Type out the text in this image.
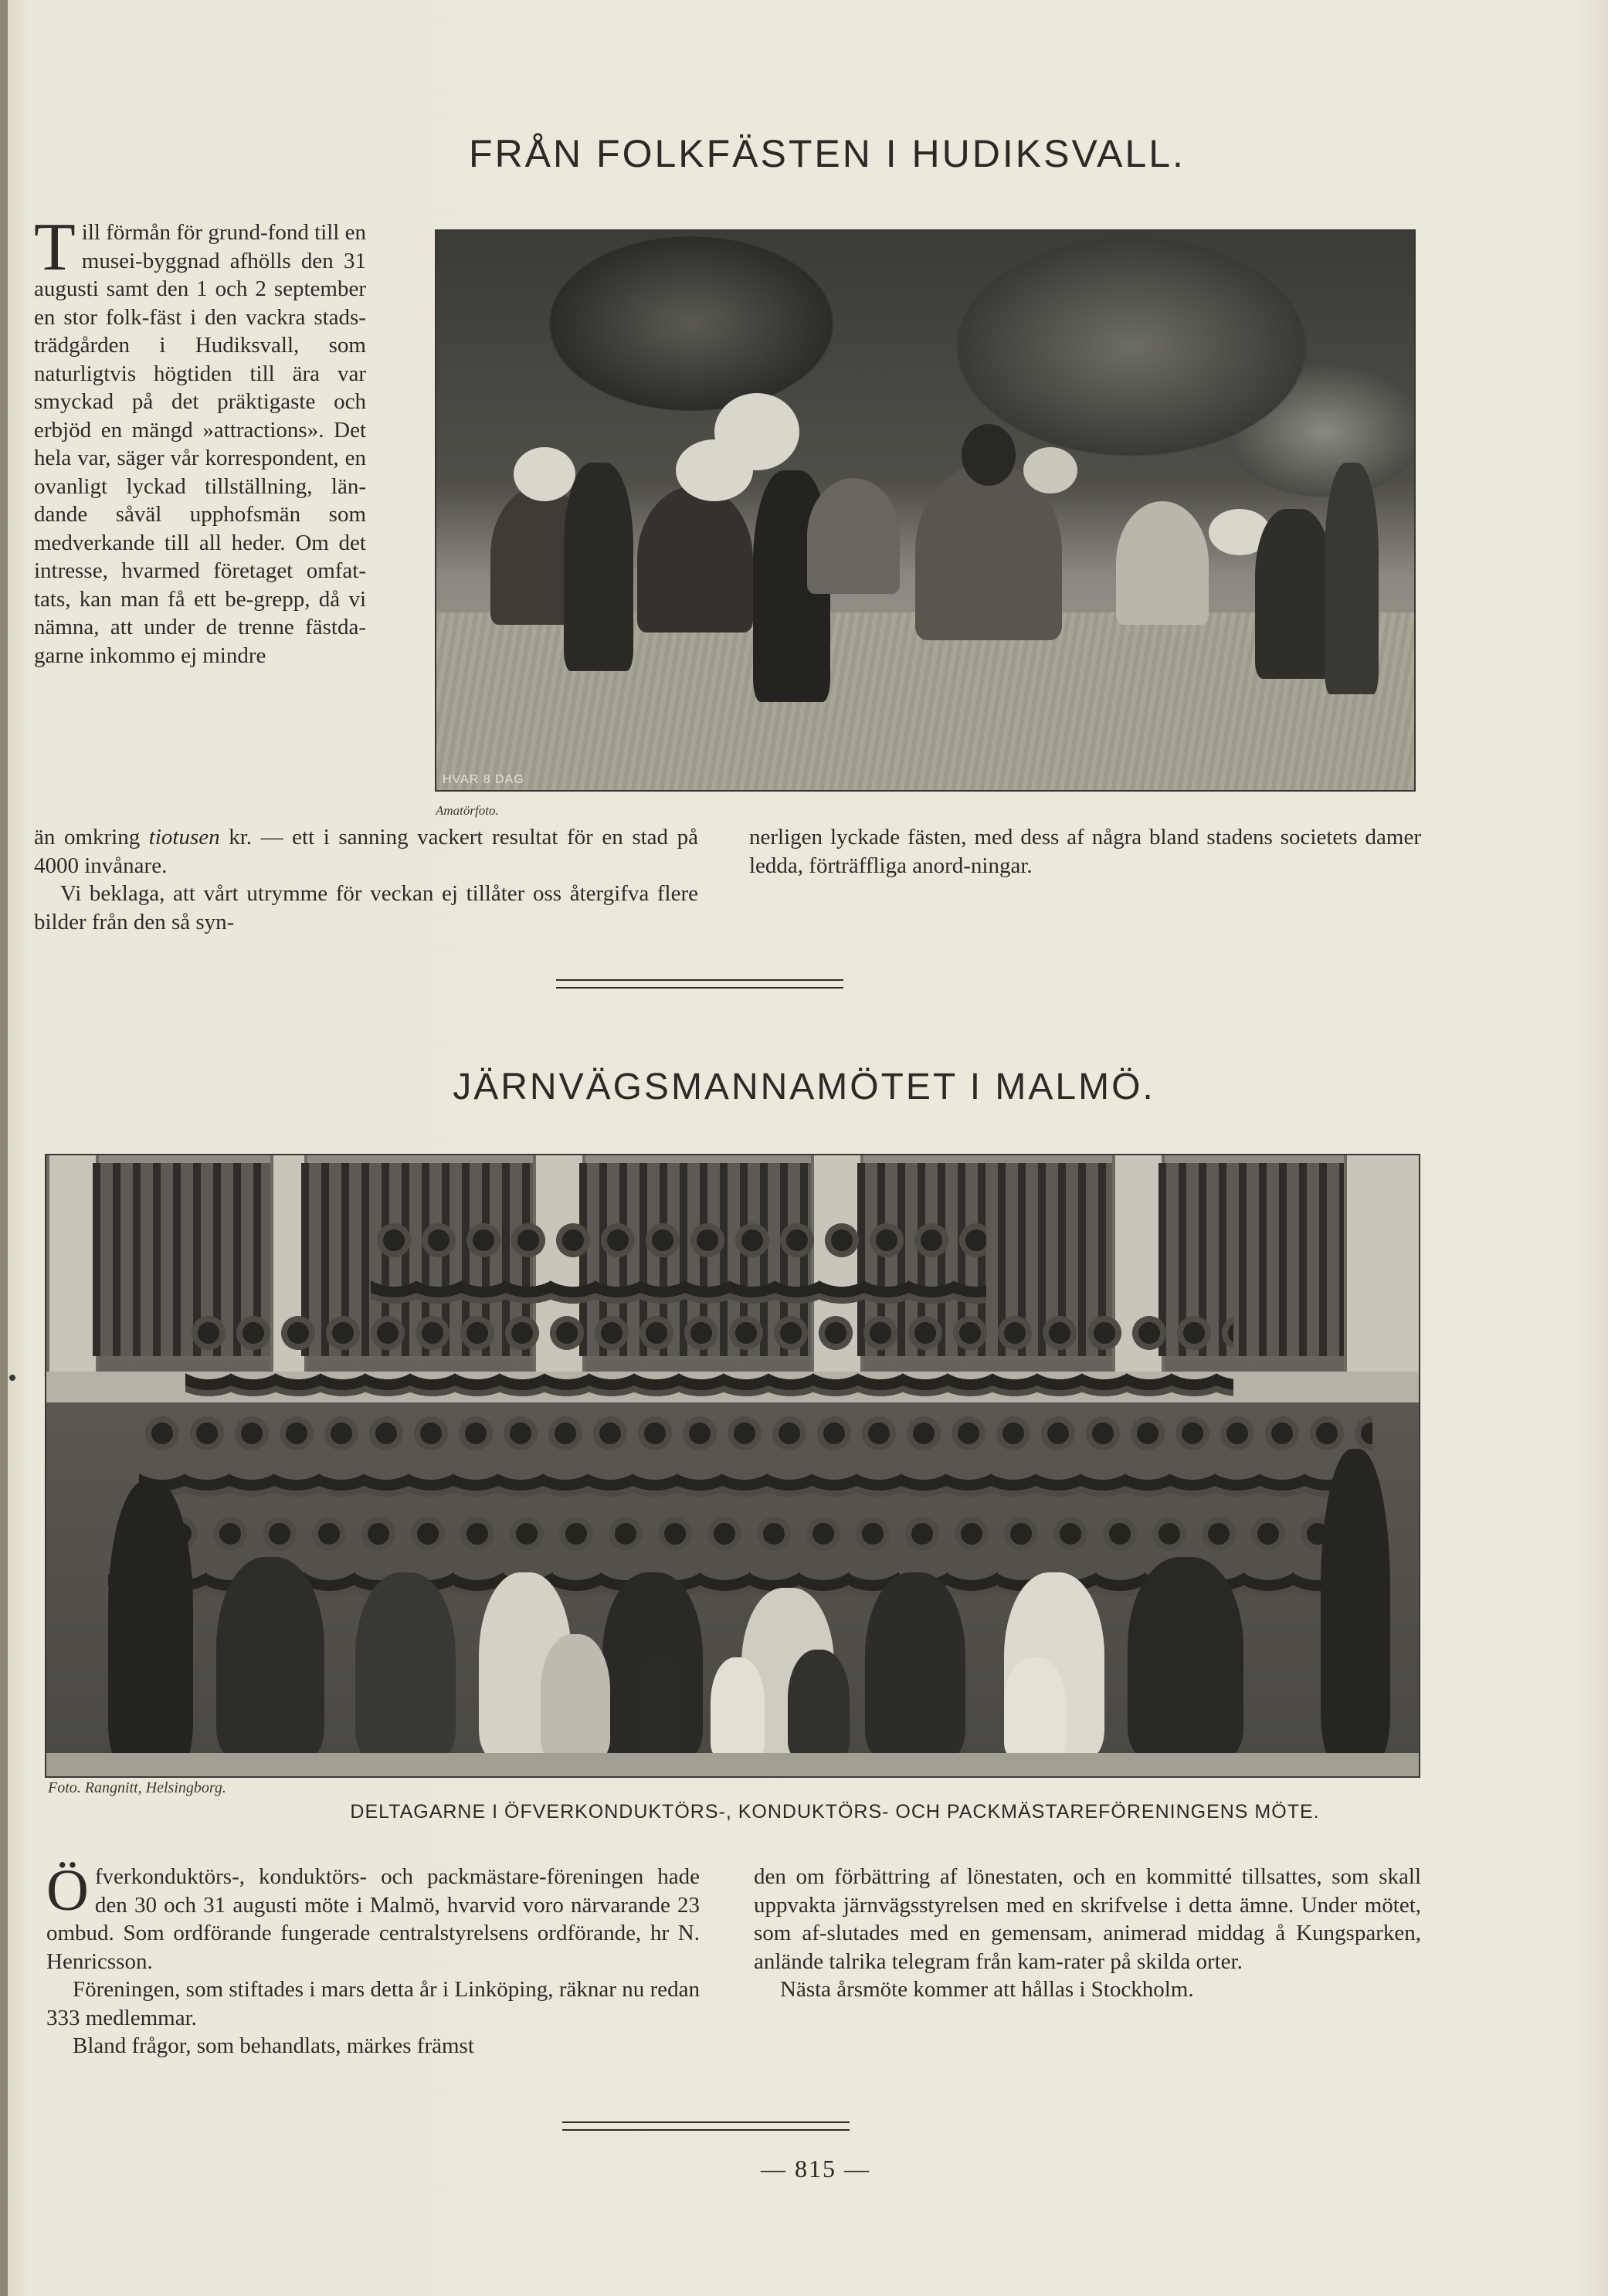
FRÅN FOLKFÄSTEN I HUDIKSVALL.

Till förmån för grund-fond till en musei-byggnad afhölls den 31 augusti samt den 1 och 2 september en stor folk-fäst i den vackra stads-trädgården i Hudiksvall, som naturligtvis högtiden till ära var smyckad på det präktigaste och erbjöd en mängd »attractions». Det hela var, säger vår korrespondent, en ovanligt lyckad tillställning, län-dande såväl upphofsmän som medverkande till all heder. Om det intresse, hvarmed företaget omfat-tats, kan man få ett be-grepp, då vi nämna, att under de trenne fästda-garne inkommo ej mindre

HVAR 8 DAG
Amatörfoto.

än omkring tiotusen kr. — ett i sanning vackert resultat för en stad på 4000 invånare.

Vi beklaga, att vårt utrymme för veckan ej tillåter oss återgifva flere bilder från den så syn-

nerligen lyckade fästen, med dess af några bland stadens societets damer ledda, förträffliga anord-ningar.

JÄRNVÄGSMANNAMÖTET I MALMÖ.
Foto. Rangnitt, Helsingborg.
DELTAGARNE I ÖFVERKONDUKTÖRS-, KONDUKTÖRS- OCH PACKMÄSTAREFÖRENINGENS MÖTE.

Öfverkonduktörs-, konduktörs- och packmästare-föreningen hade den 30 och 31 augusti möte i Malmö, hvarvid voro närvarande 23 ombud. Som ordförande fungerade centralstyrelsens ordförande, hr N. Henricsson.

Föreningen, som stiftades i mars detta år i Linköping, räknar nu redan 333 medlemmar.

Bland frågor, som behandlats, märkes främst

den om förbättring af lönestaten, och en kommitté tillsattes, som skall uppvakta järnvägsstyrelsen med en skrifvelse i detta ämne. Under mötet, som af-slutades med en gemensam, animerad middag å Kungsparken, anlände talrika telegram från kam-rater på skilda orter.

Nästa årsmöte kommer att hållas i Stockholm.

— 815 —
